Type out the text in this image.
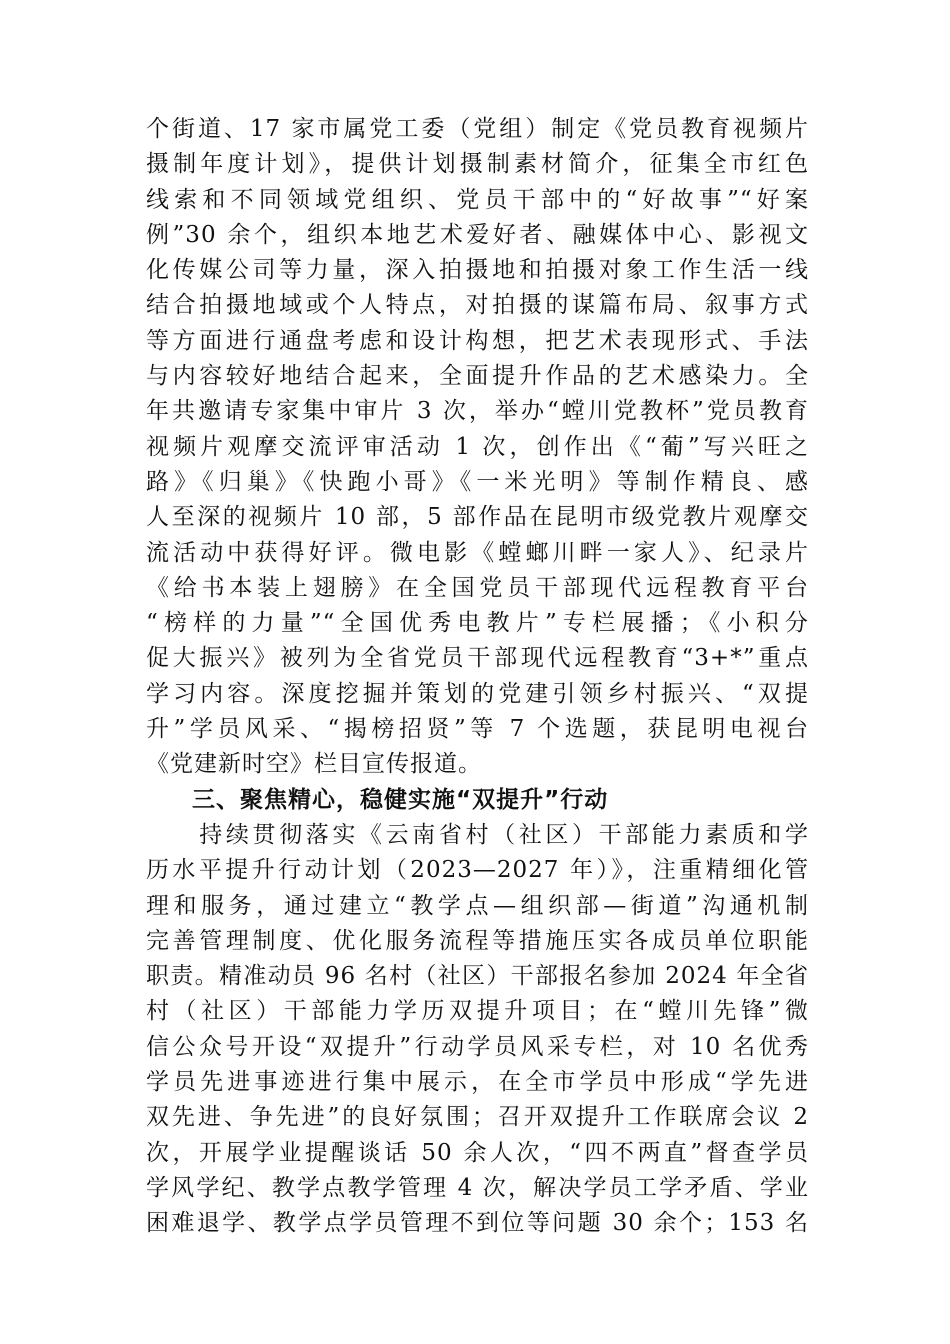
个街道、17 家市属党工委（党组）制定《党员教育视频片
摄制年度计划》，提供计划摄制素材简介，征集全市红色
线索和不同领域党组织、党员干部中的“好故事”“好案
例”30 余个，组织本地艺术爱好者、融媒体中心、影视文
化传媒公司等力量，深入拍摄地和拍摄对象工作生活一线
结合拍摄地域或个人特点，对拍摄的谋篇布局、叙事方式
等方面进行通盘考虑和设计构想，把艺术表现形式、手法
与内容较好地结合起来，全面提升作品的艺术感染力。全
年共邀请专家集中审片 3 次，举办“螳川党教杯”党员教育
视频片观摩交流评审活动 1 次，创作出《“葡”写兴旺之
路》《归巢》《快跑小哥》《一米光明》等制作精良、感
人至深的视频片 10 部，5 部作品在昆明市级党教片观摩交
流活动中获得好评。微电影《螳螂川畔一家人》、纪录片
《给书本装上翅膀》在全国党员干部现代远程教育平台
“榜样的力量”“全国优秀电教片”专栏展播；《小积分
促大振兴》被列为全省党员干部现代远程教育“3+*”重点
学习内容。深度挖掘并策划的党建引领乡村振兴、“双提
升”学员风采、“揭榜招贤”等 7 个选题，获昆明电视台
《党建新时空》栏目宣传报道。
三、聚焦精心，稳健实施“双提升”行动
　　持续贯彻落实《云南省村（社区）干部能力素质和学
历水平提升行动计划（2023—2027 年）》，注重精细化管
理和服务，通过建立“教学点—组织部—街道”沟通机制
完善管理制度、优化服务流程等措施压实各成员单位职能
职责。精准动员 96 名村（社区）干部报名参加 2024 年全省
村（社区）干部能力学历双提升项目；在“螳川先锋”微
信公众号开设“双提升”行动学员风采专栏，对 10 名优秀
学员先进事迹进行集中展示，在全市学员中形成“学先进
双先进、争先进”的良好氛围；召开双提升工作联席会议 2
次，开展学业提醒谈话 50 余人次，“四不两直”督查学员
学风学纪、教学点教学管理 4 次，解决学员工学矛盾、学业
困难退学、教学点学员管理不到位等问题 30 余个；153 名
